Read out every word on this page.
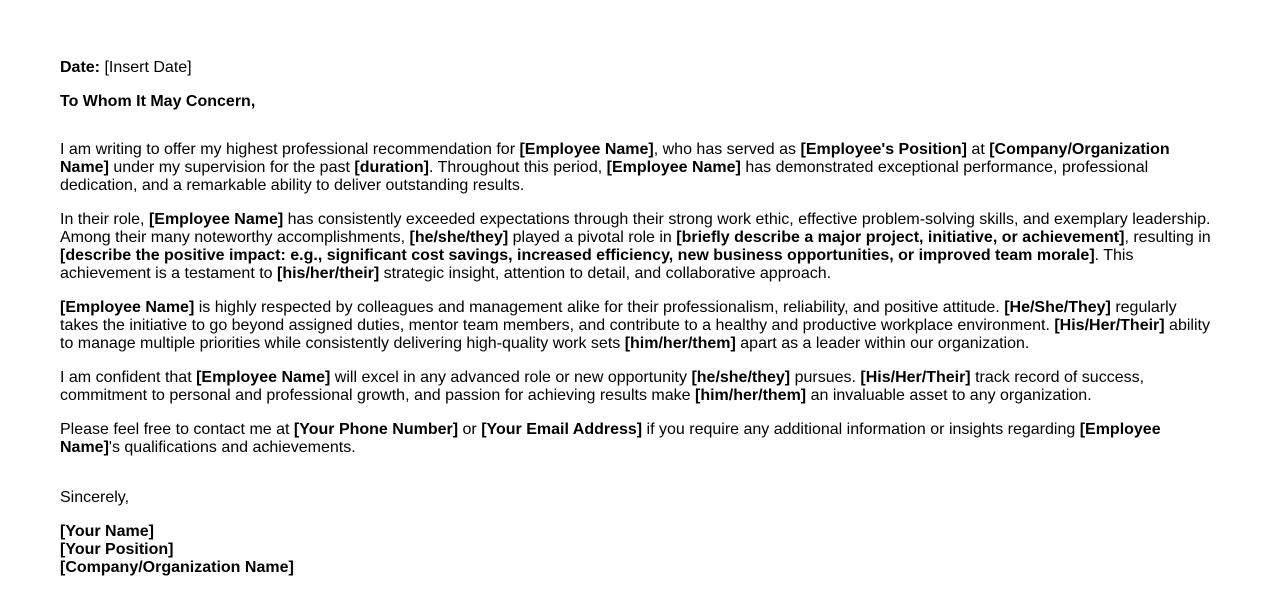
Date: [Insert Date]
To Whom It May Concern,
I am writing to offer my highest professional recommendation for [Employee Name], who has served as [Employee's Position] at [Company/Organization Name] under my supervision for the past [duration]. Throughout this period, [Employee Name] has demonstrated exceptional performance, professional dedication, and a remarkable ability to deliver outstanding results.
In their role, [Employee Name] has consistently exceeded expectations through their strong work ethic, effective problem-solving skills, and exemplary leadership. Among their many noteworthy accomplishments, [he/she/they] played a pivotal role in [briefly describe a major project, initiative, or achievement], resulting in [describe the positive impact: e.g., significant cost savings, increased efficiency, new business opportunities, or improved team morale]. This achievement is a testament to [his/her/their] strategic insight, attention to detail, and collaborative approach.
[Employee Name] is highly respected by colleagues and management alike for their professionalism, reliability, and positive attitude. [He/She/They] regularly takes the initiative to go beyond assigned duties, mentor team members, and contribute to a healthy and productive workplace environment. [His/Her/Their] ability to manage multiple priorities while consistently delivering high-quality work sets [him/her/them] apart as a leader within our organization.
I am confident that [Employee Name] will excel in any advanced role or new opportunity [he/she/they] pursues. [His/Her/Their] track record of success, commitment to personal and professional growth, and passion for achieving results make [him/her/them] an invaluable asset to any organization.
Please feel free to contact me at [Your Phone Number] or [Your Email Address] if you require any additional information or insights regarding [Employee Name]'s qualifications and achievements.
Sincerely,
[Your Name]
[Your Position]
[Company/Organization Name]
